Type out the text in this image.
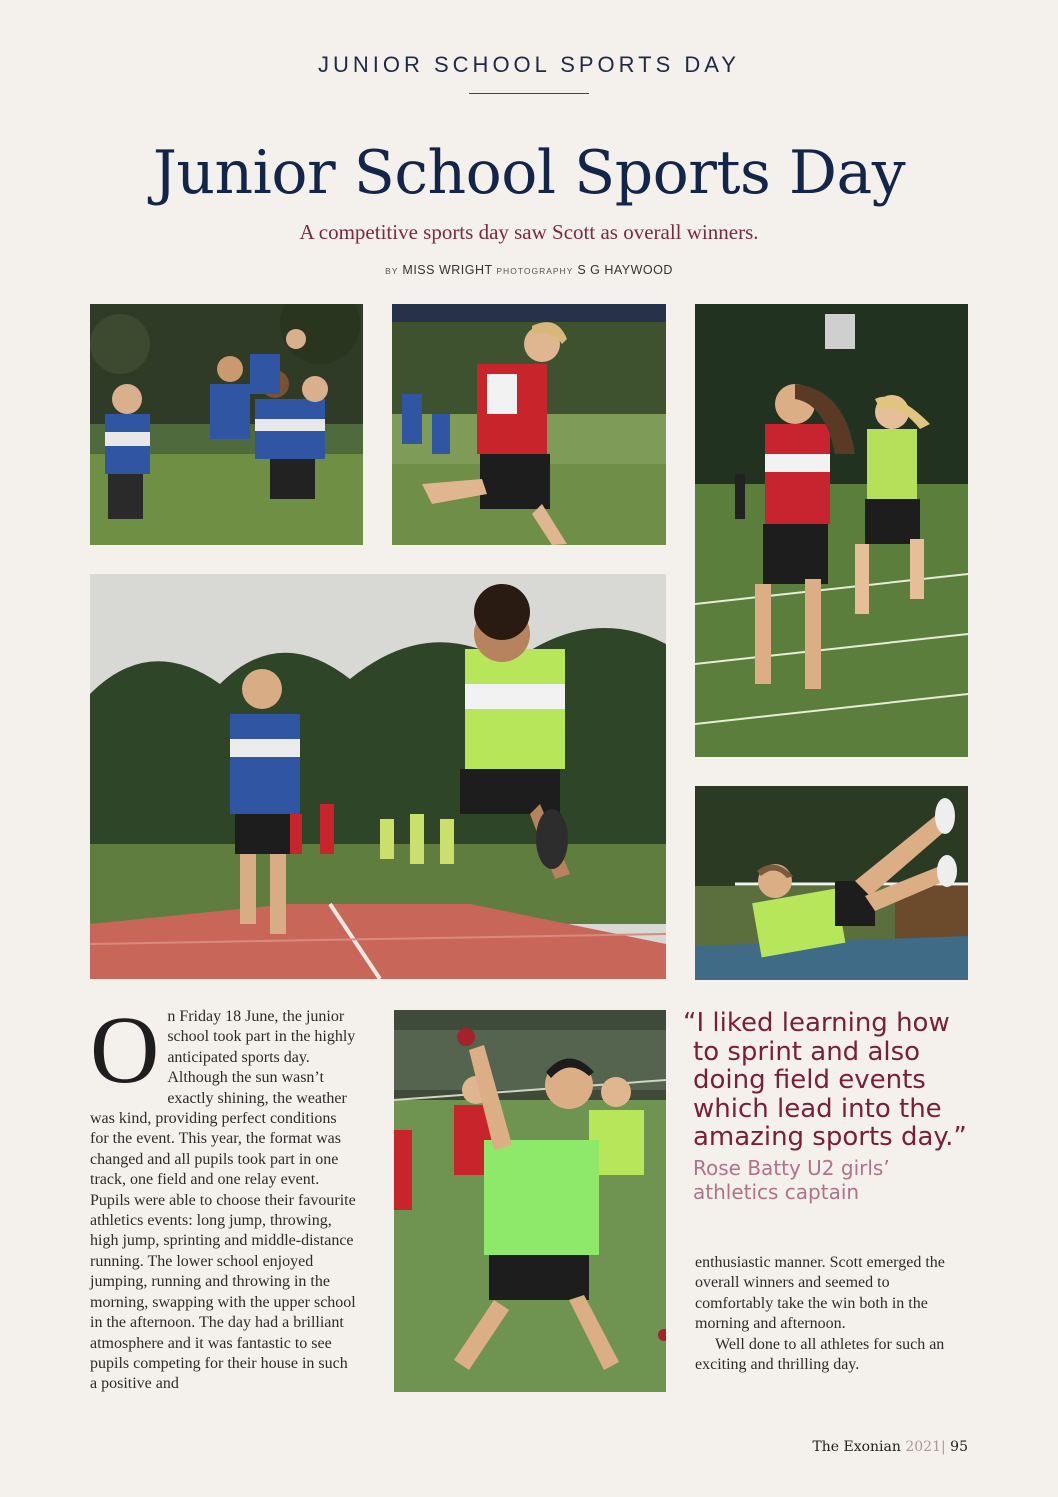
JUNIOR SCHOOL SPORTS DAY
Junior School Sports Day
A competitive sports day saw Scott as overall winners.
BY MISS WRIGHT PHOTOGRAPHY S G HAYWOOD
O n Friday 18 June, the junior school took part in the highly anticipated sports day. Although the sun wasn’t exactly shining, the weather was kind, providing perfect conditions for the event. This year, the format was changed and all pupils took part in one track, one field and one relay event. Pupils were able to choose their favourite athletics events: long jump, throwing, high jump, sprinting and middle-distance running. The lower school enjoyed jumping, running and throwing in the morning, swapping with the upper school in the afternoon. The day had a brilliant atmosphere and it was fantastic to see pupils competing for their house in such a positive and
“I liked learning how to sprint and also doing field events which lead into the amazing sports day.”
Rose Batty U2 girls’ athletics captain
enthusiastic manner. Scott emerged the overall winners and seemed to comfortably take the win both in the morning and afternoon.
Well done to all athletes for such an exciting and thrilling day.
The Exonian 2021| 95
